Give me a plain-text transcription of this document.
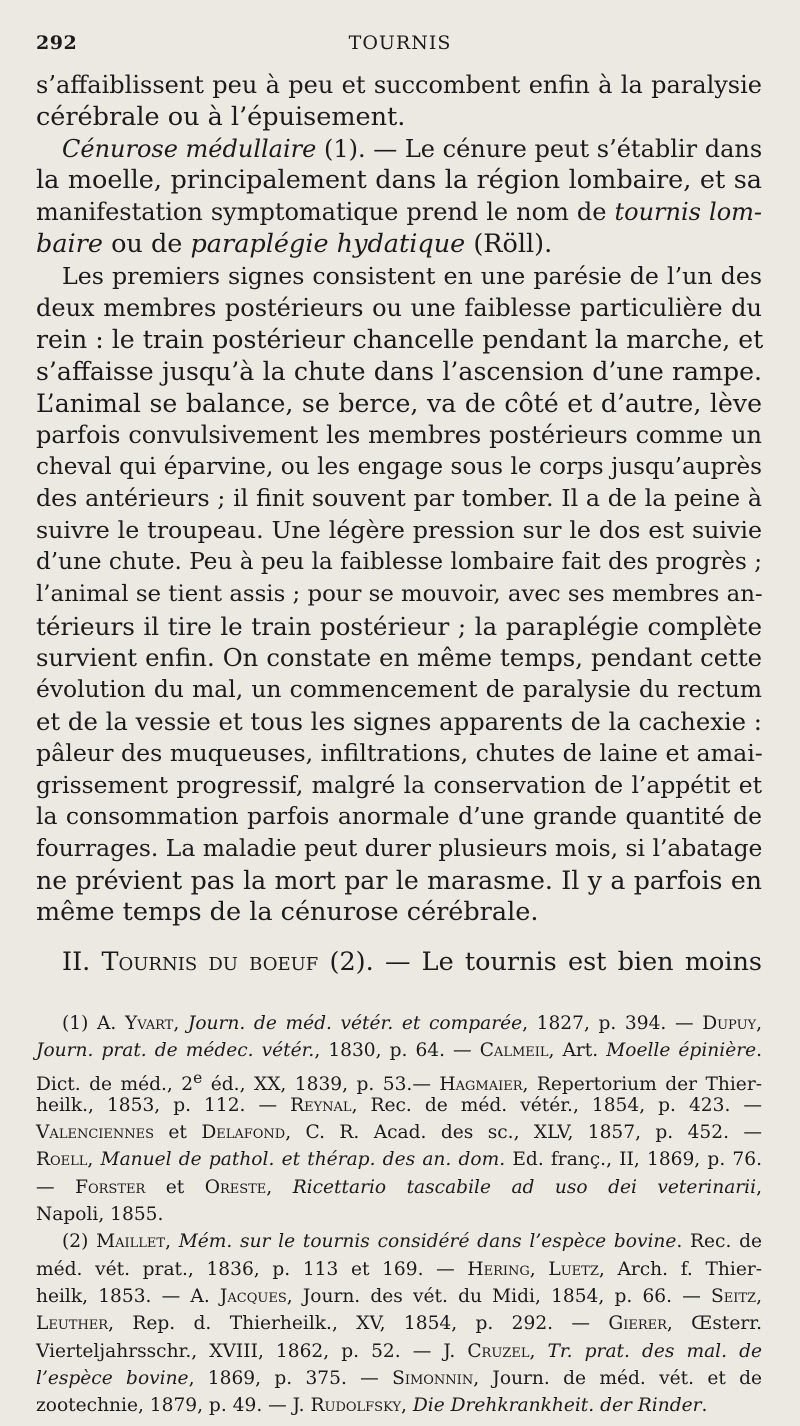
292	TOURNIS
s’affaiblissent peu à peu et succombent enfin à la paralysie
cérébrale ou à l’épuisement.
Cénurose médullaire (1). — Le cénure peut s’établir dans
la moelle, principalement dans la région lombaire, et sa
manifestation symptomatique prend le nom de tournis lom-
baire ou de paraplégie hydatique (Röll).
Les premiers signes consistent en une parésie de l’un des
deux membres postérieurs ou une faiblesse particulière du
rein : le train postérieur chancelle pendant la marche, et
s’affaisse jusqu’à la chute dans l’ascension d’une rampe.
L’animal se balance, se berce, va de côté et d’autre, lève
parfois convulsivement les membres postérieurs comme un
cheval qui éparvine, ou les engage sous le corps jusqu’auprès
des antérieurs ; il finit souvent par tomber. Il a de la peine à
suivre le troupeau. Une légère pression sur le dos est suivie
d’une chute. Peu à peu la faiblesse lombaire fait des progrès ;
l’animal se tient assis ; pour se mouvoir, avec ses membres an-
térieurs il tire le train postérieur ; la paraplégie complète
survient enfin. On constate en même temps, pendant cette
évolution du mal, un commencement de paralysie du rectum
et de la vessie et tous les signes apparents de la cachexie :
pâleur des muqueuses, infiltrations, chutes de laine et amai-
grissement progressif, malgré la conservation de l’appétit et
la consommation parfois anormale d’une grande quantité de
fourrages. La maladie peut durer plusieurs mois, si l’abatage
ne prévient pas la mort par le marasme. Il y a parfois en
même temps de la cénurose cérébrale.
II. Tournis du boeuf (2). — Le tournis est bien moins
(1) A. Yvart, Journ. de méd. vétér. et comparée, 1827, p. 394. — Dupuy,
Journ. prat. de médec. vétér., 1830, p. 64. — Calmeil, Art. Moelle épinière.
Dict. de méd., 2e éd., XX, 1839, p. 53.— Hagmaier, Repertorium der Thier-
heilk., 1853, p. 112. — Reynal, Rec. de méd. vétér., 1854, p. 423. —
Valenciennes et Delafond, C. R. Acad. des sc., XLV, 1857, p. 452. —
Roell, Manuel de pathol. et thérap. des an. dom. Ed. franç., II, 1869, p. 76.
— Forster et Oreste, Ricettario tascabile ad uso dei veterinarii,
Napoli, 1855.
(2) Maillet, Mém. sur le tournis considéré dans l’espèce bovine. Rec. de
méd. vét. prat., 1836, p. 113 et 169. — Hering, Luetz, Arch. f. Thier-
heilk, 1853. — A. Jacques, Journ. des vét. du Midi, 1854, p. 66. — Seitz,
Leuther, Rep. d. Thierheilk., XV, 1854, p. 292. — Gierer, Œsterr.
Vierteljahrsschr., XVIII, 1862, p. 52. — J. Cruzel, Tr. prat. des mal. de
l’espèce bovine, 1869, p. 375. — Simonnin, Journ. de méd. vét. et de
zootechnie, 1879, p. 49. — J. Rudolfsky, Die Drehkrankheit. der Rinder.
